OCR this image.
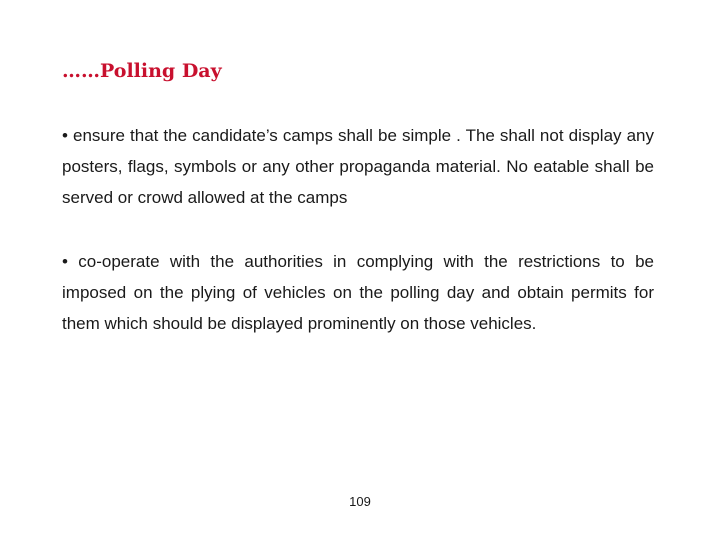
……Polling Day
• ensure that the candidate’s camps shall be simple . The shall not display any posters, flags, symbols or any other propaganda material. No eatable shall be served or crowd allowed at the camps
• co-operate with the authorities in complying with the restrictions to be imposed on the plying of vehicles on the polling day and obtain permits for them which should be displayed prominently on those vehicles.
109
